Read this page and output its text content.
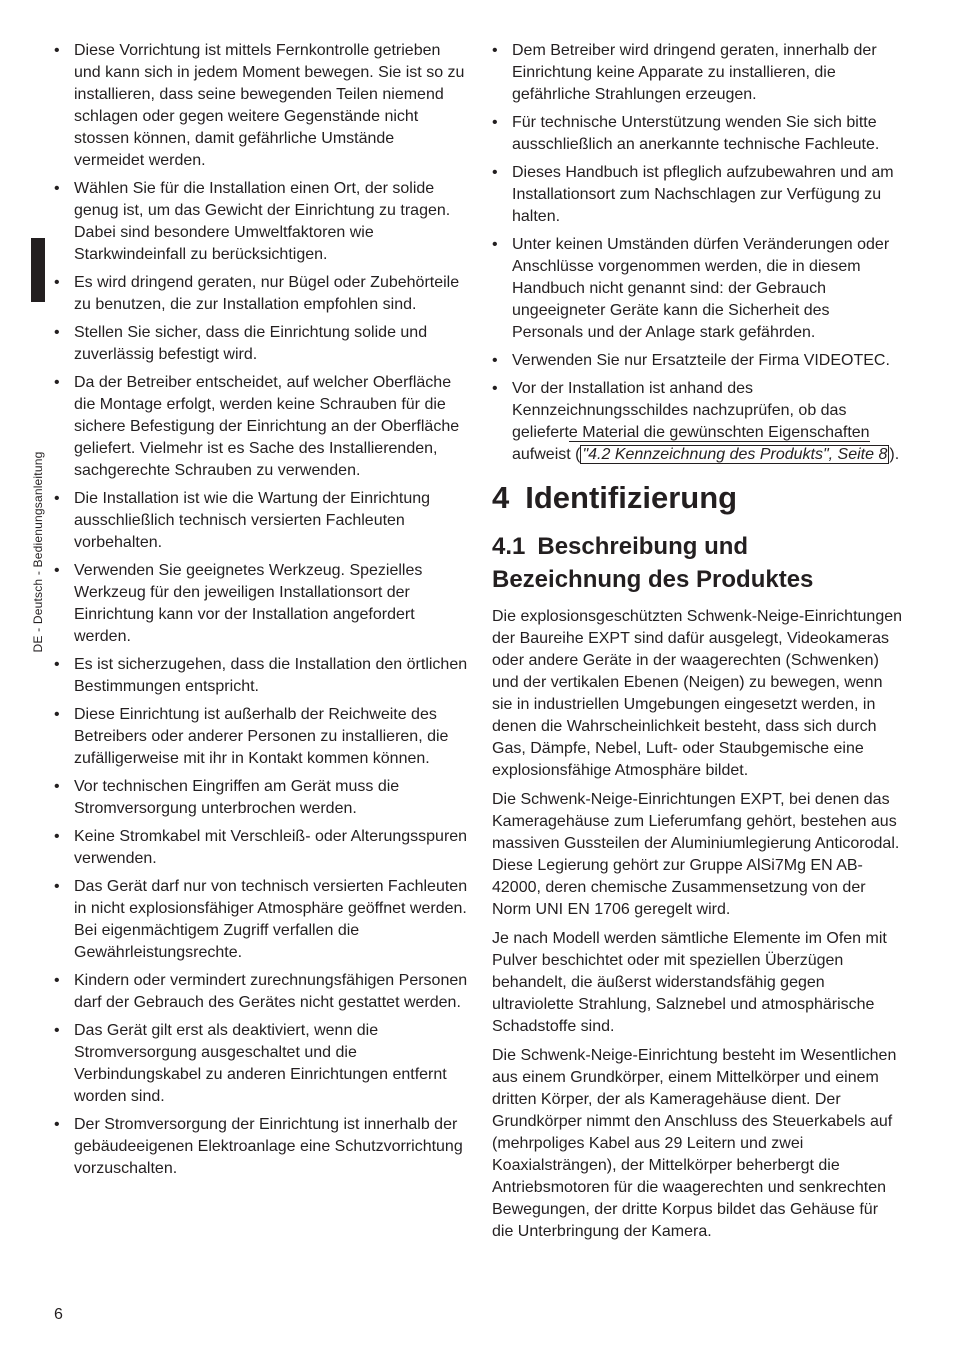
DE - Deutsch - Bedienungsanleitung
• Diese Vorrichtung ist mittels Fernkontrolle getrieben und kann sich in jedem Moment bewegen. Sie ist so zu installieren, dass seine bewegenden Teilen niemend schlagen oder gegen weitere Gegenstände nicht stossen können, damit gefährliche Umstände vermeidet werden.
• Wählen Sie für die Installation einen Ort, der solide genug ist, um das Gewicht der Einrichtung zu tragen. Dabei sind besondere Umweltfaktoren wie Starkwindeinfall zu berücksichtigen.
• Es wird dringend geraten, nur Bügel oder Zubehörteile zu benutzen, die zur Installation empfohlen sind.
• Stellen Sie sicher, dass die Einrichtung solide und zuverlässig befestigt wird.
• Da der Betreiber entscheidet, auf welcher Oberfläche die Montage erfolgt, werden keine Schrauben für die sichere Befestigung der Einrichtung an der Oberfläche geliefert. Vielmehr ist es Sache des Installierenden, sachgerechte Schrauben zu verwenden.
• Die Installation ist wie die Wartung der Einrichtung ausschließlich technisch versierten Fachleuten vorbehalten.
• Verwenden Sie geeignetes Werkzeug. Spezielles Werkzeug für den jeweiligen Installationsort der Einrichtung kann vor der Installation angefordert werden.
• Es ist sicherzugehen, dass die Installation den örtlichen Bestimmungen entspricht.
• Diese Einrichtung ist außerhalb der Reichweite des Betreibers oder anderer Personen zu installieren, die zufälligerweise mit ihr in Kontakt kommen können.
• Vor technischen Eingriffen am Gerät muss die Stromversorgung unterbrochen werden.
• Keine Stromkabel mit Verschleiß- oder Alterungsspuren verwenden.
• Das Gerät darf nur von technisch versierten Fachleuten in nicht explosionsfähiger Atmosphäre geöffnet werden. Bei eigenmächtigem Zugriff verfallen die Gewährleistungsrechte.
• Kindern oder vermindert zurechnungsfähigen Personen darf der Gebrauch des Gerätes nicht gestattet werden.
• Das Gerät gilt erst als deaktiviert, wenn die Stromversorgung ausgeschaltet und die Verbindungskabel zu anderen Einrichtungen entfernt worden sind.
• Der Stromversorgung der Einrichtung ist innerhalb der gebäudeeigenen Elektroanlage eine Schutzvorrichtung vorzuschalten.
• Dem Betreiber wird dringend geraten, innerhalb der Einrichtung keine Apparate zu installieren, die gefährliche Strahlungen erzeugen.
• Für technische Unterstützung wenden Sie sich bitte ausschließlich an anerkannte technische Fachleute.
• Dieses Handbuch ist pfleglich aufzubewahren und am Installationsort zum Nachschlagen zur Verfügung zu halten.
• Unter keinen Umständen dürfen Veränderungen oder Anschlüsse vorgenommen werden, die in diesem Handbuch nicht genannt sind: der Gebrauch ungeeigneter Geräte kann die Sicherheit des Personals und der Anlage stark gefährden.
• Verwenden Sie nur Ersatzteile der Firma VIDEOTEC.
• Vor der Installation ist anhand des Kennzeichnungsschildes nachzuprüfen, ob das gelieferte Material die gewünschten Eigenschaften aufweist ( "4.2 Kennzeichnung des Produkts", Seite 8 ).
4 Identifizierung
4.1 Beschreibung und Bezeichnung des Produktes

Die explosionsgeschützten Schwenk-Neige-Einrichtungen der Baureihe EXPT sind dafür ausgelegt, Videokameras oder andere Geräte in der waagerechten (Schwenken) und der vertikalen Ebenen (Neigen) zu bewegen, wenn sie in industriellen Umgebungen eingesetzt werden, in denen die Wahrscheinlichkeit besteht, dass sich durch Gas, Dämpfe, Nebel, Luft- oder Staubgemische eine explosionsfähige Atmosphäre bildet.

Die Schwenk-Neige-Einrichtungen EXPT, bei denen das Kameragehäuse zum Lieferumfang gehört, bestehen aus massiven Gussteilen der Aluminiumlegierung Anticorodal. Diese Legierung gehört zur Gruppe AlSi7Mg EN AB-42000, deren chemische Zusammensetzung von der Norm UNI EN 1706 geregelt wird.

Je nach Modell werden sämtliche Elemente im Ofen mit Pulver beschichtet oder mit speziellen Überzügen behandelt, die äußerst widerstandsfähig gegen ultraviolette Strahlung, Salznebel und atmosphärische Schadstoffe sind.

Die Schwenk-Neige-Einrichtung besteht im Wesentlichen aus einem Grundkörper, einem Mittelkörper und einem dritten Körper, der als Kameragehäuse dient. Der Grundkörper nimmt den Anschluss des Steuerkabels auf (mehrpoliges Kabel aus 29 Leitern und zwei Koaxialsträngen), der Mittelkörper beherbergt die Antriebsmotoren für die waagerechten und senkrechten Bewegungen, der dritte Korpus bildet das Gehäuse für die Unterbringung der Kamera.

6
